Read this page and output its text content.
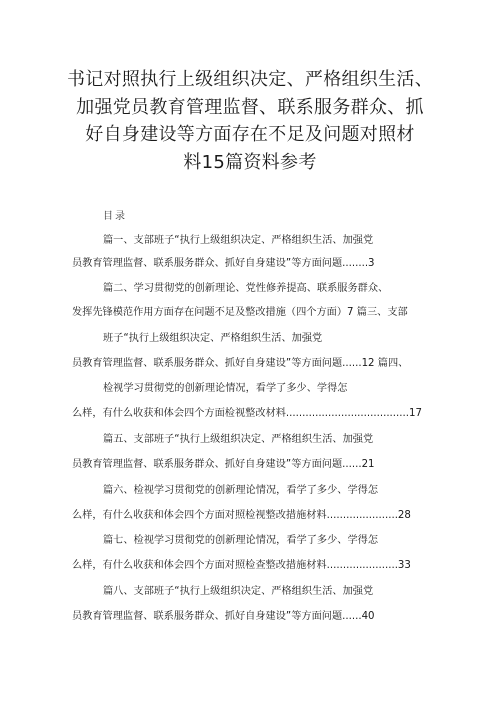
书记对照执行上级组织决定、严格组织生活、
加强党员教育管理监督、联系服务群众、抓
好自身建设等方面存在不足及问题对照材
料15篇资料参考
目录
篇一、支部班子“执行上级组织决定、严格组织生活、加强党
员教育管理监督、联系服务群众、抓好自身建设”等方面问题........3
篇二、学习贯彻党的创新理论、党性修养提高、联系服务群众、
发挥先锋模范作用方面存在问题不足及整改措施（四个方面）7 篇三、支部
班子“执行上级组织决定、严格组织生活、加强党
员教育管理监督、联系服务群众、抓好自身建设”等方面问题......12 篇四、
检视学习贯彻党的创新理论情况，看学了多少、学得怎
么样，有什么收获和体会四个方面检视整改材料......................................17
篇五、支部班子“执行上级组织决定、严格组织生活、加强党
员教育管理监督、联系服务群众、抓好自身建设”等方面问题......21
篇六、检视学习贯彻党的创新理论情况，看学了多少、学得怎
么样，有什么收获和体会四个方面对照检视整改措施材料......................28
篇七、检视学习贯彻党的创新理论情况，看学了多少、学得怎
么样，有什么收获和体会四个方面对照检查整改措施材料......................33
篇八、支部班子“执行上级组织决定、严格组织生活、加强党
员教育管理监督、联系服务群众、抓好自身建设”等方面问题......40
